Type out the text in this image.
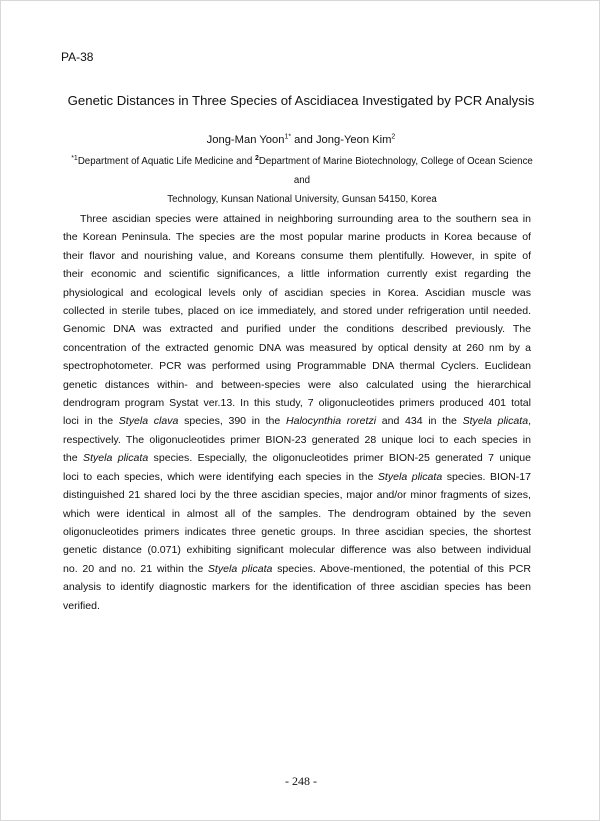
PA-38
Genetic Distances in Three Species of Ascidiacea Investigated by PCR Analysis
Jong-Man Yoon$^{1*}$ and Jong-Yeon Kim$^2$
$^{*1}$Department of Aquatic Life Medicine and $^2$Department of Marine Biotechnology, College of Ocean Science and
Technology, Kunsan National University, Gunsan 54150, Korea
Three ascidian species were attained in neighboring surrounding area to the southern sea in
the Korean Peninsula. The species are the most popular marine products in Korea because of
their flavor and nourishing value, and Koreans consume them plentifully. However, in spite of
their economic and scientific significances, a little information currently exist regarding the
physiological and ecological levels only of ascidian species in Korea. Ascidian muscle was
collected in sterile tubes, placed on ice immediately, and stored under refrigeration until needed.
Genomic DNA was extracted and purified under the conditions described previously. The
concentration of the extracted genomic DNA was measured by optical density at 260 nm by a
spectrophotometer. PCR was performed using Programmable DNA thermal Cyclers. Euclidean
genetic distances within- and between-species were also calculated using the hierarchical
dendrogram program Systat ver.13. In this study, 7 oligonucleotides primers produced 401 total
loci in the Styela clava species, 390 in the Halocynthia roretzi and 434 in the Styela plicata,
respectively. The oligonucleotides primer BION-23 generated 28 unique loci to each species in
the Styela plicata species. Especially, the oligonucleotides primer BION-25 generated 7 unique
loci to each species, which were identifying each species in the Styela plicata species. BION-17
distinguished 21 shared loci by the three ascidian species, major and/or minor fragments of sizes,
which were identical in almost all of the samples. The dendrogram obtained by the seven
oligonucleotides primers indicates three genetic groups. In three ascidian species, the shortest
genetic distance (0.071) exhibiting significant molecular difference was also between individual
no. 20 and no. 21 within the Styela plicata species. Above-mentioned, the potential of this PCR
analysis to identify diagnostic markers for the identification of three ascidian species has been
verified.
- 248 -
